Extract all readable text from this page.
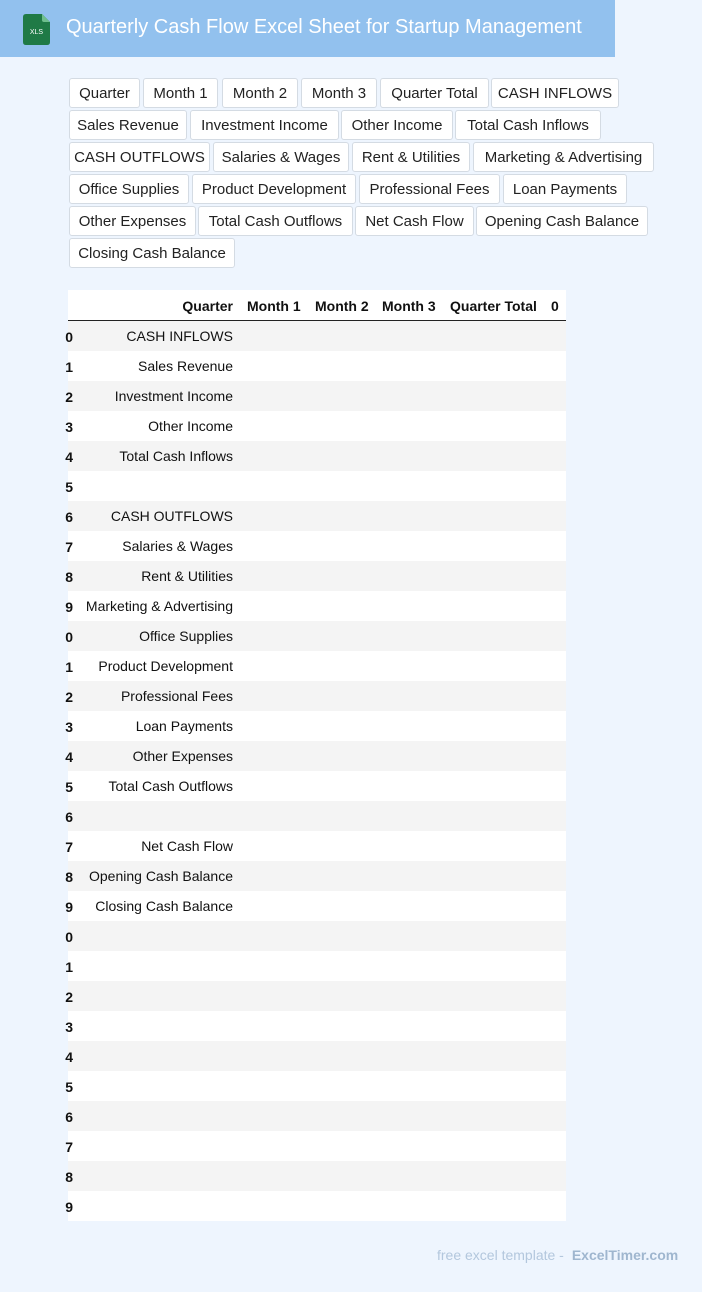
XLS Quarterly Cash Flow Excel Sheet for Startup Management
Quarter	Month 1	Month 2	Month 3	Quarter Total	CASH INFLOWS
Sales Revenue	Investment Income	Other Income	Total Cash Inflows
CASH OUTFLOWS	Salaries & Wages	Rent & Utilities	Marketing & Advertising
Office Supplies	Product Development	Professional Fees	Loan Payments
Other Expenses	Total Cash Outflows	Net Cash Flow	Opening Cash Balance
Closing Cash Balance
Quarter Month 1 Month 2 Month 3 Quarter Total 0
0	CASH INFLOWS
1	Sales Revenue
2	Investment Income
3	Other Income
4	Total Cash Inflows
5
6	CASH OUTFLOWS
7	Salaries & Wages
8	Rent & Utilities
9 Marketing & Advertising
0	Office Supplies
1 Product Development
2	Professional Fees
3	Loan Payments
4	Other Expenses
5	Total Cash Outflows
6
7	Net Cash Flow
8 Opening Cash Balance
9 Closing Cash Balance
0
1
2
3
4
5
6
7
8
9
free excel template - ExcelTimer.com
